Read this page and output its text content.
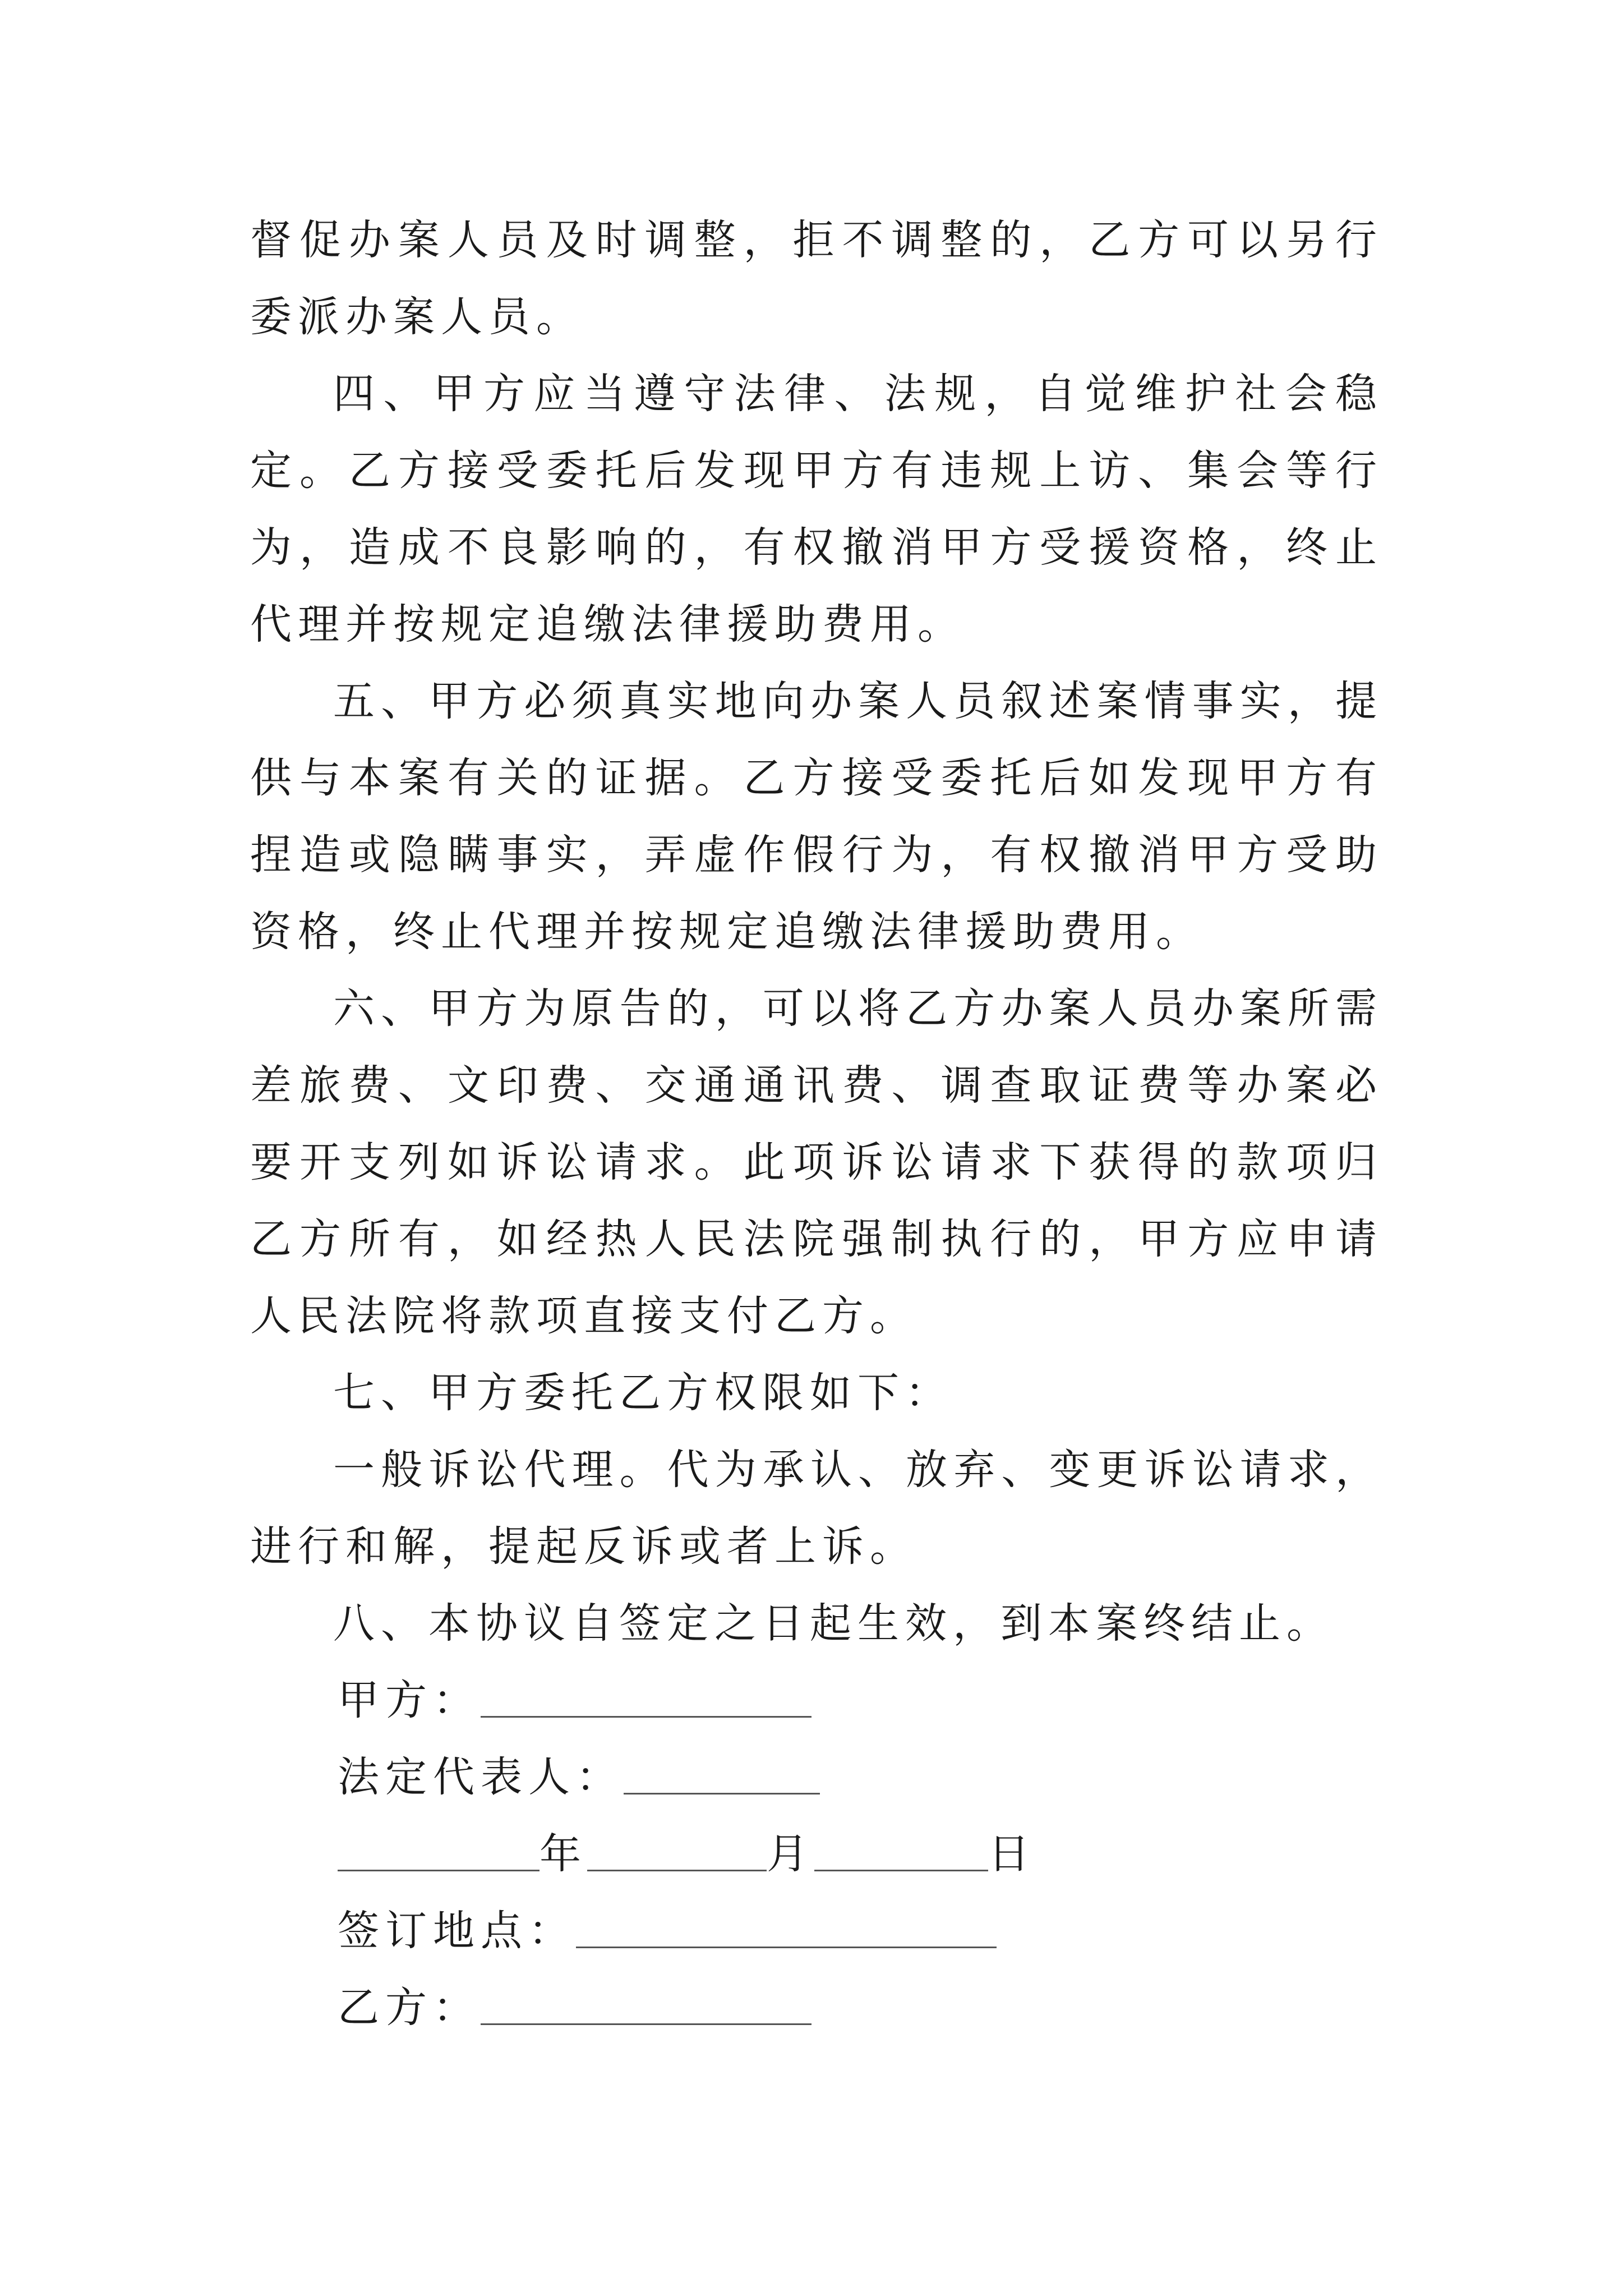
督促办案人员及时调整，拒不调整的，乙方可以另行委派办案人员。

四、甲方应当遵守法律、法规，自觉维护社会稳定。乙方接受委托后发现甲方有违规上访、集会等行为，造成不良影响的，有权撤消甲方受援资格，终止代理并按规定追缴法律援助费用。

五、甲方必须真实地向办案人员叙述案情事实，提供与本案有关的证据。乙方接受委托后如发现甲方有捏造或隐瞒事实，弄虚作假行为，有权撤消甲方受助资格，终止代理并按规定追缴法律援助费用。

六、甲方为原告的，可以将乙方办案人员办案所需差旅费、文印费、交通通讯费、调查取证费等办案必要开支列如诉讼请求。此项诉讼请求下获得的款项归乙方所有，如经热人民法院强制执行的，甲方应申请人民法院将款项直接支付乙方。

七、甲方委托乙方权限如下：

一般诉讼代理。代为承认、放弃、变更诉讼请求，进行和解，提起反诉或者上诉。

八、本协议自签定之日起生效，到本案终结止。

甲方：

法定代表人：

年	月	日

签订地点：

乙方：
